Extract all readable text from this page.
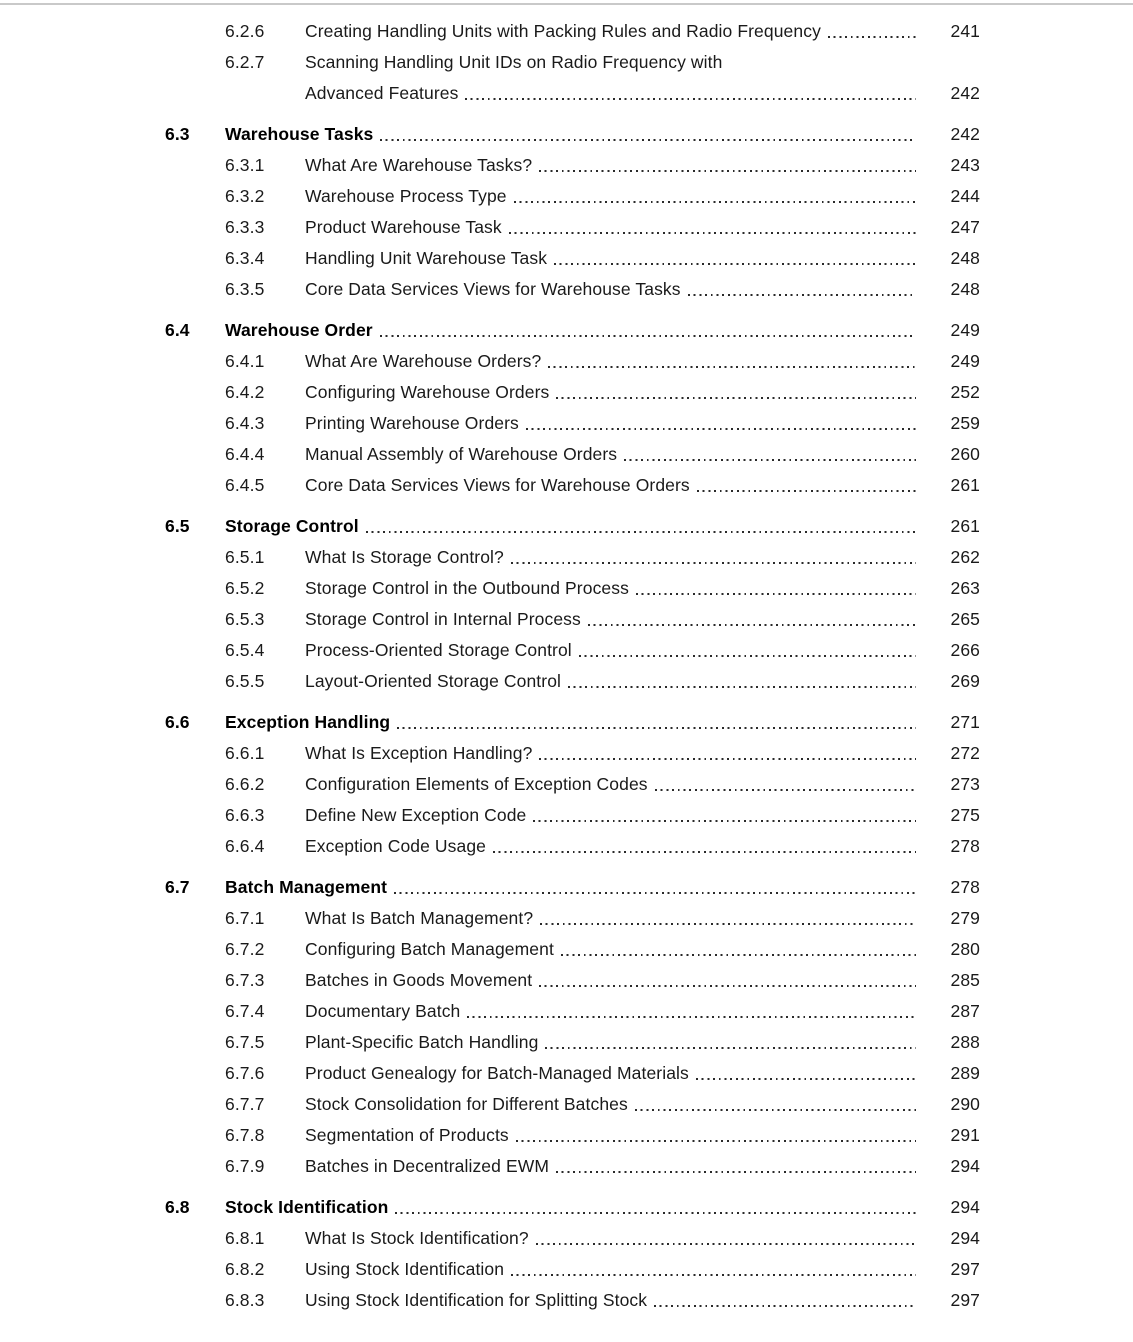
6.2.6	Creating Handling Units with Packing Rules and Radio Frequency	241
6.2.7	Scanning Handling Unit IDs on Radio Frequency with
Advanced Features	242
6.3	Warehouse Tasks	242
6.3.1	What Are Warehouse Tasks?	243
6.3.2	Warehouse Process Type	244
6.3.3	Product Warehouse Task	247
6.3.4	Handling Unit Warehouse Task	248
6.3.5	Core Data Services Views for Warehouse Tasks	248
6.4	Warehouse Order	249
6.4.1	What Are Warehouse Orders?	249
6.4.2	Configuring Warehouse Orders	252
6.4.3	Printing Warehouse Orders	259
6.4.4	Manual Assembly of Warehouse Orders	260
6.4.5	Core Data Services Views for Warehouse Orders	261
6.5	Storage Control	261
6.5.1	What Is Storage Control?	262
6.5.2	Storage Control in the Outbound Process	263
6.5.3	Storage Control in Internal Process	265
6.5.4	Process-Oriented Storage Control	266
6.5.5	Layout-Oriented Storage Control	269
6.6	Exception Handling	271
6.6.1	What Is Exception Handling?	272
6.6.2	Configuration Elements of Exception Codes	273
6.6.3	Define New Exception Code	275
6.6.4	Exception Code Usage	278
6.7	Batch Management	278
6.7.1	What Is Batch Management?	279
6.7.2	Configuring Batch Management	280
6.7.3	Batches in Goods Movement	285
6.7.4	Documentary Batch	287
6.7.5	Plant-Specific Batch Handling	288
6.7.6	Product Genealogy for Batch-Managed Materials	289
6.7.7	Stock Consolidation for Different Batches	290
6.7.8	Segmentation of Products	291
6.7.9	Batches in Decentralized EWM	294
6.8	Stock Identification	294
6.8.1	What Is Stock Identification?	294
6.8.2	Using Stock Identification	297
6.8.3	Using Stock Identification for Splitting Stock	297
